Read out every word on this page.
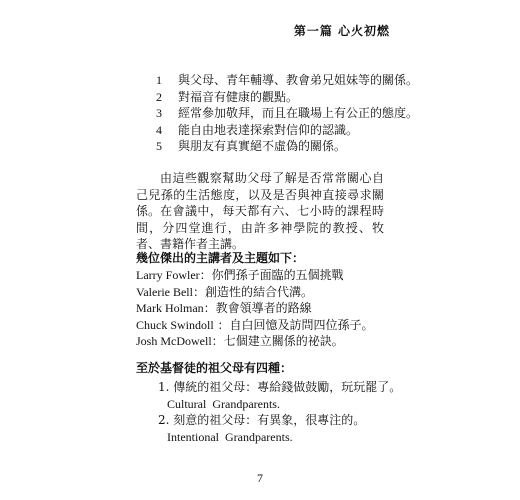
第一篇 心火初燃
1	與父母、青年輔導、教會弟兄姐妹等的關係。
2	對福音有健康的觀點。
3	經常參加敬拜，而且在職場上有公正的態度。
4	能自由地表達探索對信仰的認識。
5	與朋友有真實絕不虛偽的關係。

由這些觀察幫助父母了解是否常常關心自己兒孫的生活態度，以及是否與神直接尋求關係。 在會議中，每天都有六、七小時的課程時間，分四堂進行，由許多神學院的教授、牧者、書籍作者主講。

幾位傑出的主講者及主題如下：
Larry Fowler：你們孫子面臨的五個挑戰
Valerie Bell：創造性的結合代溝。
Mark Holman：教會領導者的路線
Chuck Swindoll ：自白回憶及訪問四位孫子。
Josh McDowell：七個建立關係的祕訣。
至於基督徒的祖父母有四種：
1. 傳統的祖父母：專給錢做鼓勵，玩玩罷了。
Cultural Grandparents.
2. 刻意的祖父母：有異象，很專注的。
Intentional Grandparents.
7
